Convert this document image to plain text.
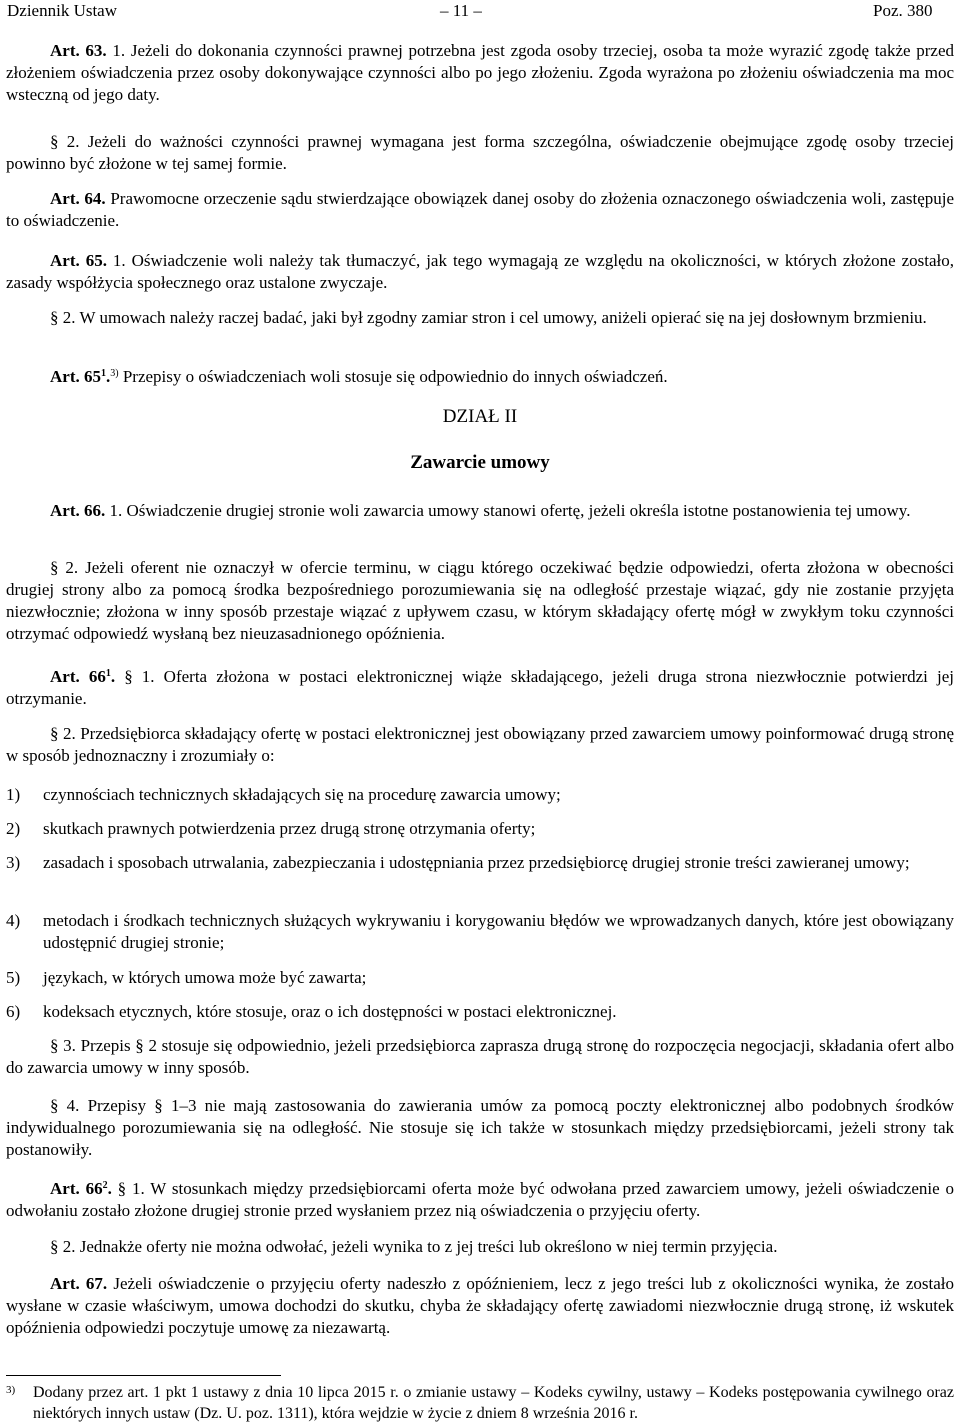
Dziennik Ustaw	– 11 –	Poz. 380

Art. 63. 1. Jeżeli do dokonania czynności prawnej potrzebna jest zgoda osoby trzeciej, osoba ta może wyrazić zgodę także przed złożeniem oświadczenia przez osoby dokonywające czynności albo po jego złożeniu. Zgoda wyrażona po złożeniu oświadczenia ma moc wsteczną od jego daty.

§ 2. Jeżeli do ważności czynności prawnej wymagana jest forma szczególna, oświadczenie obejmujące zgodę osoby trzeciej powinno być złożone w tej samej formie.

Art. 64. Prawomocne orzeczenie sądu stwierdzające obowiązek danej osoby do złożenia oznaczonego oświadczenia woli, zastępuje to oświadczenie.

Art. 65. 1. Oświadczenie woli należy tak tłumaczyć, jak tego wymagają ze względu na okoliczności, w których złożone zostało, zasady współżycia społecznego oraz ustalone zwyczaje.

§ 2. W umowach należy raczej badać, jaki był zgodny zamiar stron i cel umowy, aniżeli opierać się na jej dosłownym brzmieniu.

Art. $65^1.^{3)}$ Przepisy o oświadczeniach woli stosuje się odpowiednio do innych oświadczeń.

DZIAŁ II

Zawarcie umowy

Art. 66. 1. Oświadczenie drugiej stronie woli zawarcia umowy stanowi ofertę, jeżeli określa istotne postanowienia tej umowy.

§ 2. Jeżeli oferent nie oznaczył w ofercie terminu, w ciągu którego oczekiwać będzie odpowiedzi, oferta złożona w obecności drugiej strony albo za pomocą środka bezpośredniego porozumiewania się na odległość przestaje wiązać, gdy nie zostanie przyjęta niezwłocznie; złożona w inny sposób przestaje wiązać z upływem czasu, w którym składający ofertę mógł w zwykłym toku czynności otrzymać odpowiedź wysłaną bez nieuzasadnionego opóźnienia.

Art. $66^1$. § 1. Oferta złożona w postaci elektronicznej wiąże składającego, jeżeli druga strona niezwłocznie potwierdzi jej otrzymanie.

§ 2. Przedsiębiorca składający ofertę w postaci elektronicznej jest obowiązany przed zawarciem umowy poinformować drugą stronę w sposób jednoznaczny i zrozumiały o:

1) czynnościach technicznych składających się na procedurę zawarcia umowy;
2) skutkach prawnych potwierdzenia przez drugą stronę otrzymania oferty;
3) zasadach i sposobach utrwalania, zabezpieczania i udostępniania przez przedsiębiorcę drugiej stronie treści zawieranej umowy;
4) metodach i środkach technicznych służących wykrywaniu i korygowaniu błędów we wprowadzanych danych, które jest obowiązany udostępnić drugiej stronie;
5) językach, w których umowa może być zawarta;
6) kodeksach etycznych, które stosuje, oraz o ich dostępności w postaci elektronicznej.

§ 3. Przepis § 2 stosuje się odpowiednio, jeżeli przedsiębiorca zaprasza drugą stronę do rozpoczęcia negocjacji, składania ofert albo do zawarcia umowy w inny sposób.

§ 4. Przepisy § 1–3 nie mają zastosowania do zawierania umów za pomocą poczty elektronicznej albo podobnych środków indywidualnego porozumiewania się na odległość. Nie stosuje się ich także w stosunkach między przedsiębiorcami, jeżeli strony tak postanowiły.

Art. $66^2$. § 1. W stosunkach między przedsiębiorcami oferta może być odwołana przed zawarciem umowy, jeżeli oświadczenie o odwołaniu zostało złożone drugiej stronie przed wysłaniem przez nią oświadczenia o przyjęciu oferty.

§ 2. Jednakże oferty nie można odwołać, jeżeli wynika to z jej treści lub określono w niej termin przyjęcia.

Art. 67. Jeżeli oświadczenie o przyjęciu oferty nadeszło z opóźnieniem, lecz z jego treści lub z okoliczności wynika, że zostało wysłane w czasie właściwym, umowa dochodzi do skutku, chyba że składający ofertę zawiadomi niezwłocznie drugą stronę, iż wskutek opóźnienia odpowiedzi poczytuje umowę za niezawartą.

3) Dodany przez art. 1 pkt 1 ustawy z dnia 10 lipca 2015 r. o zmianie ustawy – Kodeks cywilny, ustawy – Kodeks postępowania cywilnego oraz niektórych innych ustaw (Dz. U. poz. 1311), która wejdzie w życie z dniem 8 września 2016 r.
